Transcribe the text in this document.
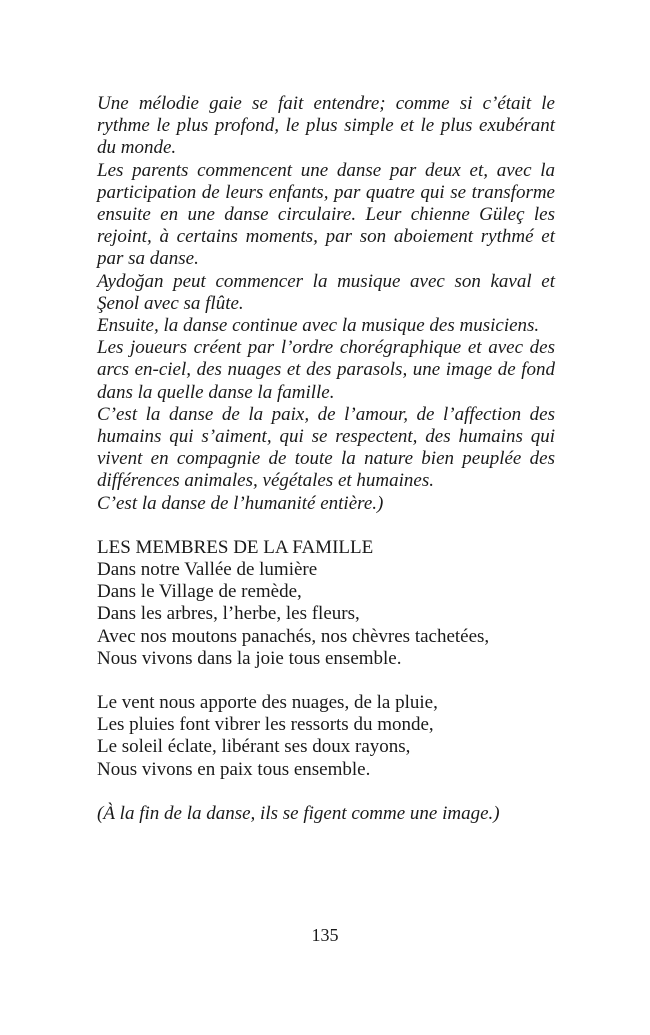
Une mélodie gaie se fait entendre; comme si c’était le
rythme le plus profond, le plus simple et le plus exubérant
du monde.
Les parents commencent une danse par deux et, avec la
participation de leurs enfants, par quatre qui se transforme
ensuite en une danse circulaire. Leur chienne Güleç les
rejoint, à certains moments, par son aboiement rythmé et
par sa danse.
Aydoğan peut commencer la musique avec son kaval et
Şenol avec sa flûte.
Ensuite, la danse continue avec la musique des musiciens.
Les joueurs créent par l’ordre chorégraphique et avec des
arcs en-ciel, des nuages et des parasols, une image de fond
dans la quelle danse la famille.
C’est la danse de la paix, de l’amour, de l’affection des
humains qui s’aiment, qui se respectent, des humains qui
vivent en compagnie de toute la nature bien peuplée des
différences animales, végétales et humaines.
C’est la danse de l’humanité entière.)
LES MEMBRES DE LA FAMILLE
Dans notre Vallée de lumière
Dans le Village de remède,
Dans les arbres, l’herbe, les fleurs,
Avec nos moutons panachés, nos chèvres tachetées,
Nous vivons dans la joie tous ensemble.
Le vent nous apporte des nuages, de la pluie,
Les pluies font vibrer les ressorts du monde,
Le soleil éclate, libérant ses doux rayons,
Nous vivons en paix tous ensemble.
(À la fin de la danse, ils se figent comme une image.)
135
